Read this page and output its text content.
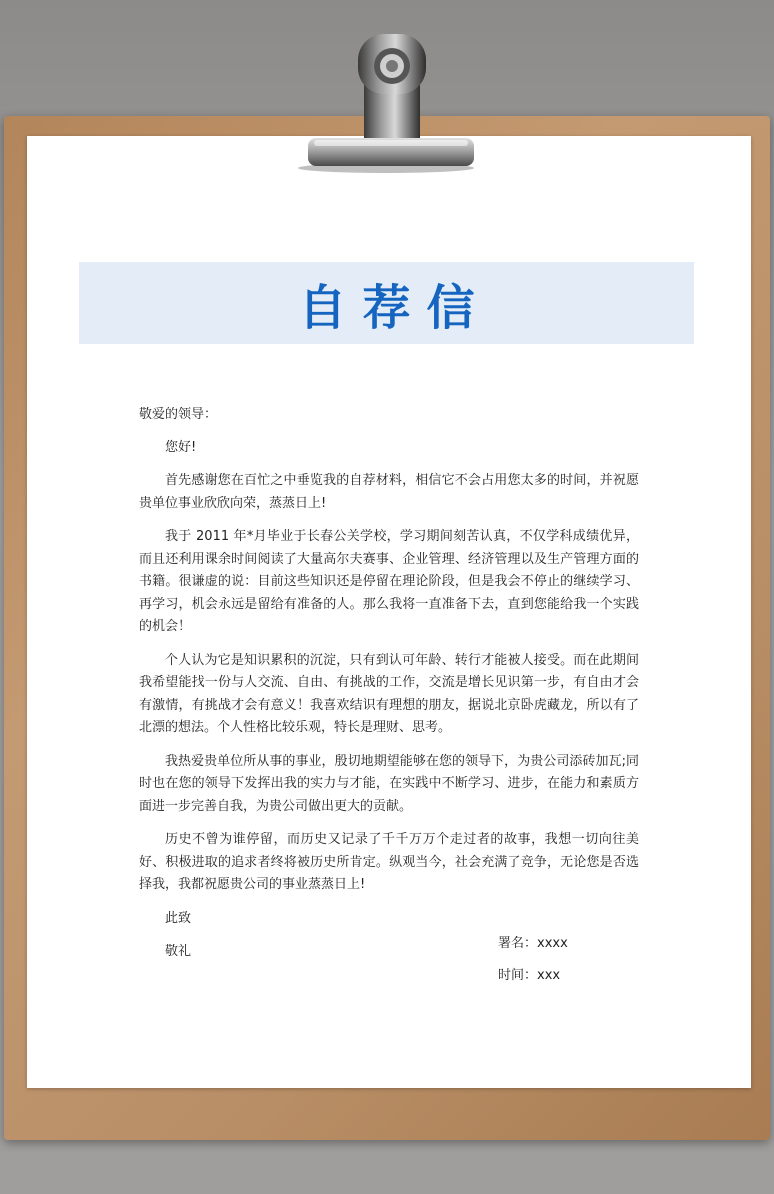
自荐信
敬爱的领导：

您好!

首先感谢您在百忙之中垂览我的自荐材料，相信它不会占用您太多的时间，并祝愿贵单位事业欣欣向荣，蒸蒸日上!

我于 2011 年*月毕业于长春公关学校，学习期间刻苦认真，不仅学科成绩优异，而且还利用课余时间阅读了大量高尔夫赛事、企业管理、经济管理以及生产管理方面的书籍。很谦虚的说：目前这些知识还是停留在理论阶段，但是我会不停止的继续学习、再学习，机会永远是留给有准备的人。那么我将一直准备下去，直到您能给我一个实践的机会！

个人认为它是知识累积的沉淀，只有到认可年龄、转行才能被人接受。而在此期间我希望能找一份与人交流、自由、有挑战的工作，交流是增长见识第一步，有自由才会有激情，有挑战才会有意义！我喜欢结识有理想的朋友，据说北京卧虎藏龙，所以有了北漂的想法。个人性格比较乐观，特长是理财、思考。

我热爱贵单位所从事的事业，殷切地期望能够在您的领导下，为贵公司添砖加瓦;同时也在您的领导下发挥出我的实力与才能，在实践中不断学习、进步，在能力和素质方面进一步完善自我，为贵公司做出更大的贡献。

历史不曾为谁停留，而历史又记录了千千万万个走过者的故事，我想一切向往美好、积极进取的追求者终将被历史所肯定。纵观当今，社会充满了竞争，无论您是否选择我，我都祝愿贵公司的事业蒸蒸日上!

此致
敬礼
署名：xxxx
时间：xxx
